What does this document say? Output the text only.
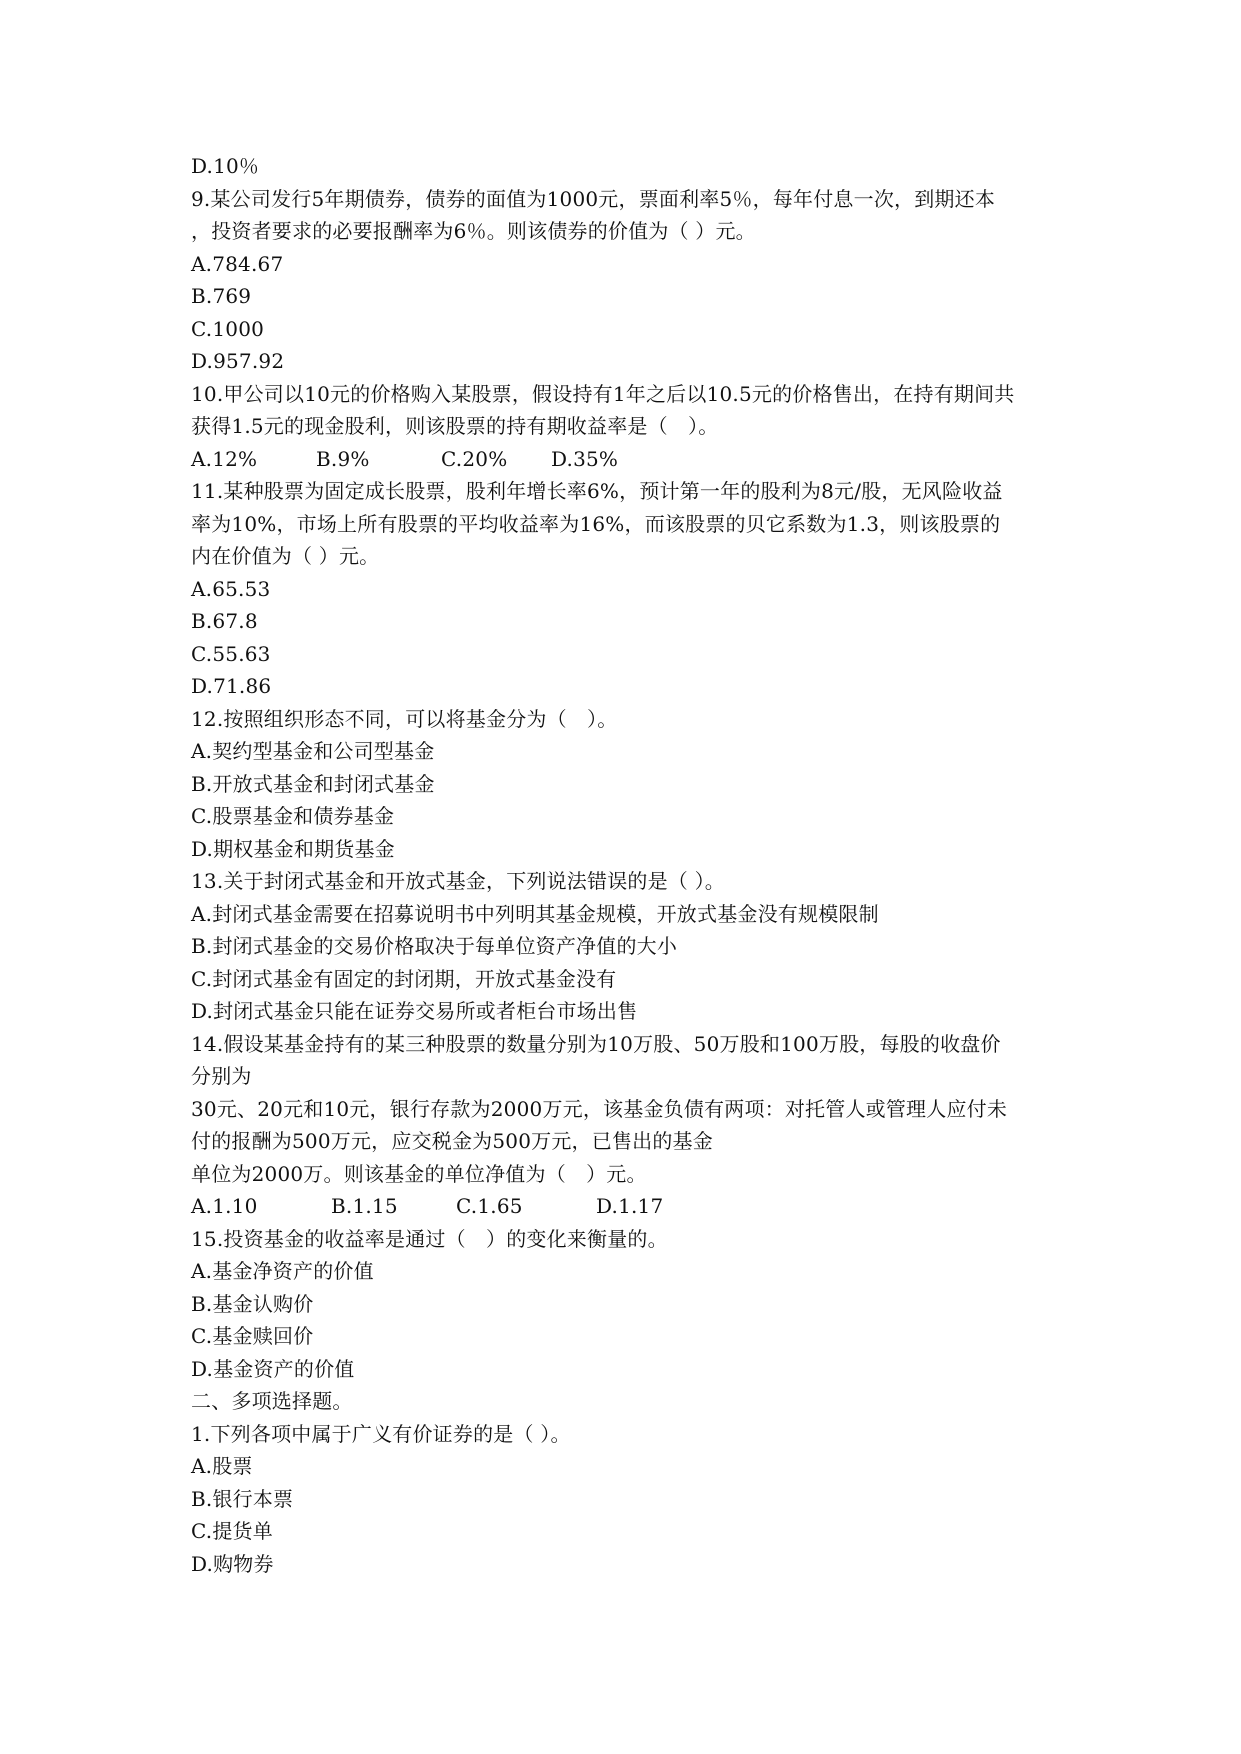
D.10％
9.某公司发行5年期债券，债券的面值为1000元，票面利率5％，每年付息一次，到期还本
，投资者要求的必要报酬率为6％。则该债券的价值为（ ）元。
A.784.67
B.769
C.1000
D.957.92
10.甲公司以10元的价格购入某股票，假设持有1年之后以10.5元的价格售出，在持有期间共
获得1.5元的现金股利，则该股票的持有期收益率是（　）。
A.12%	B.9%	C.20%	D.35%
11.某种股票为固定成长股票，股利年增长率6%，预计第一年的股利为8元/股，无风险收益
率为10%，市场上所有股票的平均收益率为16%，而该股票的贝它系数为1.3，则该股票的
内在价值为（ ）元。
A.65.53
B.67.8
C.55.63
D.71.86
12.按照组织形态不同，可以将基金分为（　）。
A.契约型基金和公司型基金
B.开放式基金和封闭式基金
C.股票基金和债券基金
D.期权基金和期货基金
13.关于封闭式基金和开放式基金，下列说法错误的是（ ）。
A.封闭式基金需要在招募说明书中列明其基金规模，开放式基金没有规模限制
B.封闭式基金的交易价格取决于每单位资产净值的大小
C.封闭式基金有固定的封闭期，开放式基金没有
D.封闭式基金只能在证券交易所或者柜台市场出售
14.假设某基金持有的某三种股票的数量分别为10万股、50万股和100万股，每股的收盘价
分别为
30元、20元和10元，银行存款为2000万元，该基金负债有两项：对托管人或管理人应付未
付的报酬为500万元，应交税金为500万元，已售出的基金
单位为2000万。则该基金的单位净值为（　）元。
A.1.10	B.1.15	C.1.65	D.1.17
15.投资基金的收益率是通过（　）的变化来衡量的。
A.基金净资产的价值
B.基金认购价
C.基金赎回价
D.基金资产的价值
二、多项选择题。
1.下列各项中属于广义有价证券的是（ ）。
A.股票
B.银行本票
C.提货单
D.购物券
